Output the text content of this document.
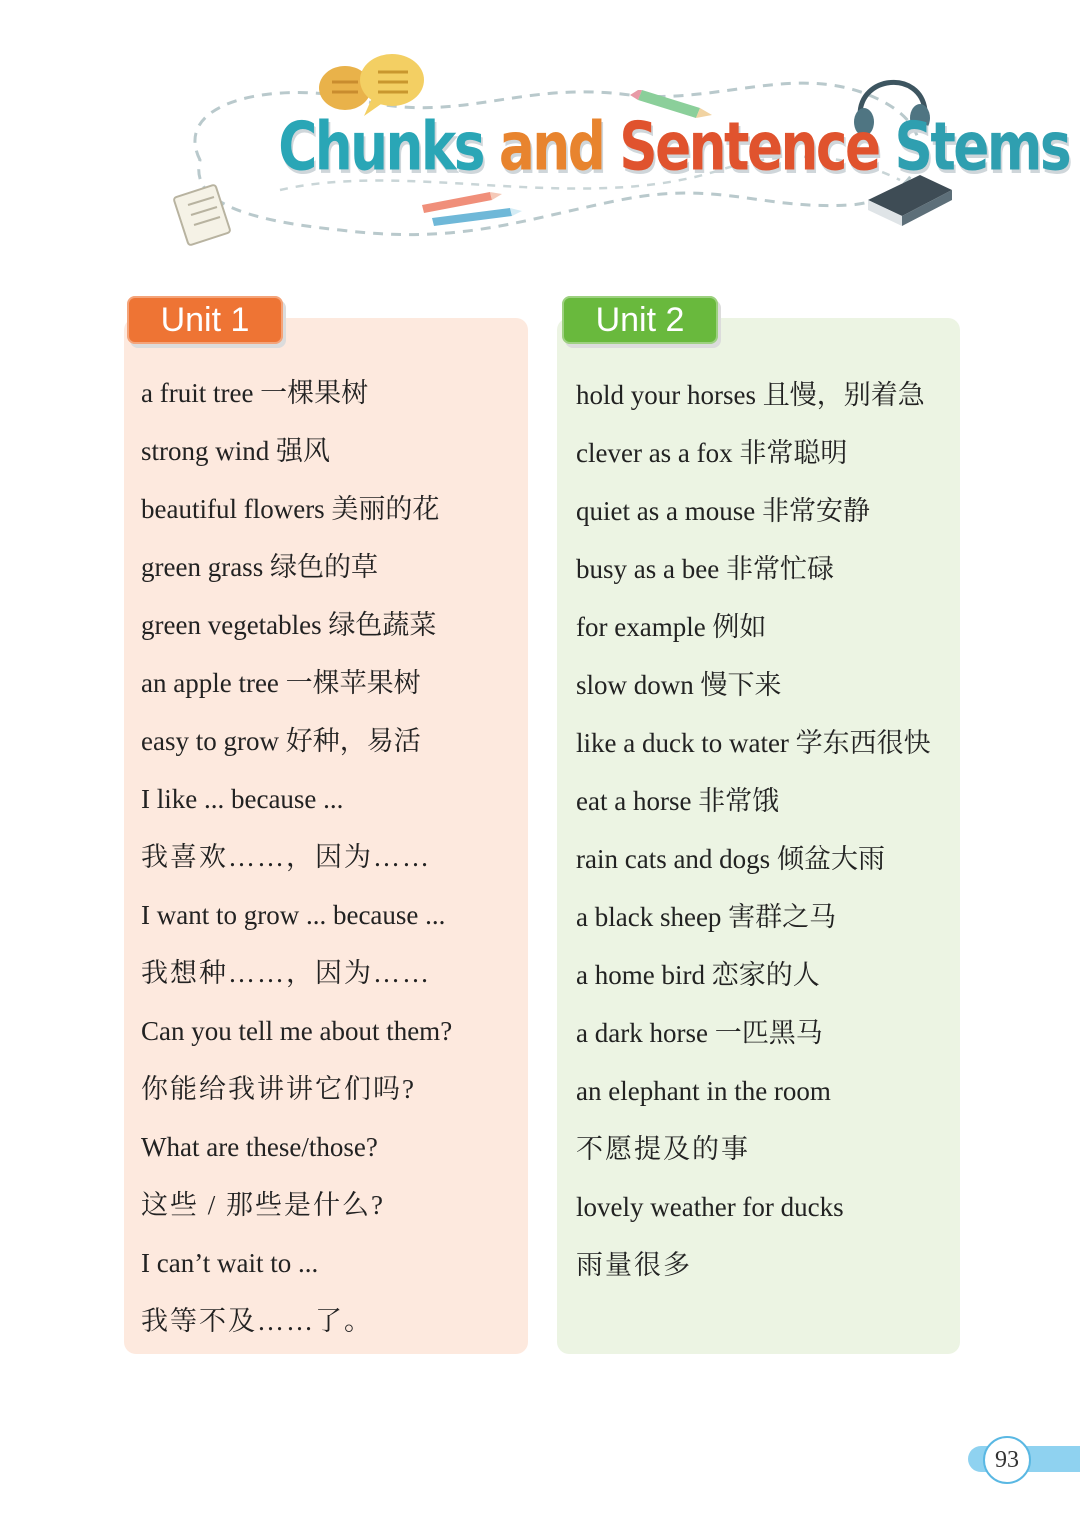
Chunks and Sentence Stems
Unit 1
a fruit tree 一棵果树
strong wind 强风
beautiful flowers 美丽的花
green grass 绿色的草
green vegetables 绿色蔬菜
an apple tree 一棵苹果树
easy to grow 好种，易活
I like ... because ...
我喜欢……，因为……
I want to grow ... because ...
我想种……，因为……
Can you tell me about them?
你能给我讲讲它们吗?
What are these/those?
这些 / 那些是什么?
I can’t wait to ...
我等不及……了。
Unit 2
hold your horses 且慢，别着急
clever as a fox 非常聪明
quiet as a mouse 非常安静
busy as a bee 非常忙碌
for example 例如
slow down 慢下来
like a duck to water 学东西很快
eat a horse 非常饿
rain cats and dogs 倾盆大雨
a black sheep 害群之马
a home bird 恋家的人
a dark horse 一匹黑马
an elephant in the room
不愿提及的事
lovely weather for ducks
雨量很多
93
